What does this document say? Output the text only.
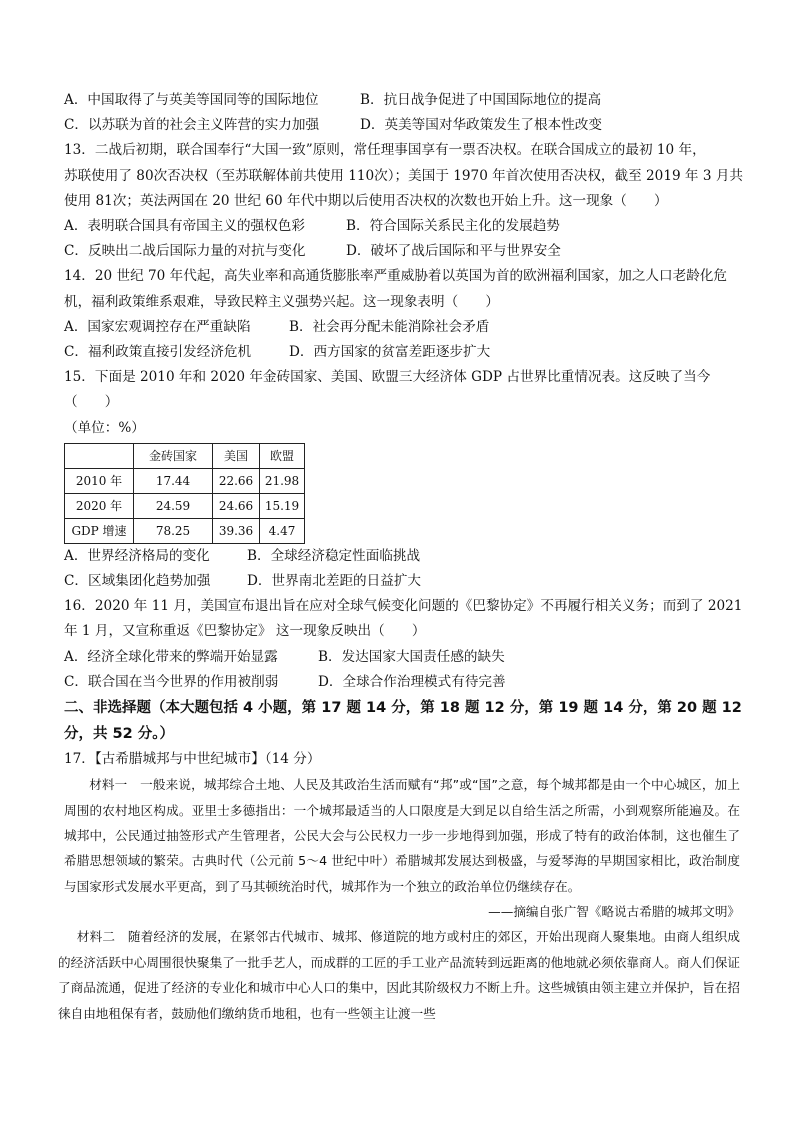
A．中国取得了与英美等国同等的国际地位	B．抗日战争促进了中国国际地位的提高
C．以苏联为首的社会主义阵营的实力加强	D．英美等国对华政策发生了根本性改变
13．二战后初期，联合国奉行“大国一致”原则，常任理事国享有一票否决权。在联合国成立的最初 10 年，
苏联使用了 80次否决权（至苏联解体前共使用 110次）；美国于 1970 年首次使用否决权，截至 2019 年 3 月共
使用 81次；英法两国在 20 世纪 60 年代中期以后使用否决权的次数也开始上升。这一现象（　　）
A．表明联合国具有帝国主义的强权色彩	B．符合国际关系民主化的发展趋势
C．反映出二战后国际力量的对抗与变化	D．破坏了战后国际和平与世界安全
14．20 世纪 70 年代起，高失业率和高通货膨胀率严重威胁着以英国为首的欧洲福利国家，加之人口老龄化危
机，福利政策维系艰难，导致民粹主义强势兴起。这一现象表明（　　）
A．国家宏观调控存在严重缺陷	B．社会再分配未能消除社会矛盾
C．福利政策直接引发经济危机	D．西方国家的贫富差距逐步扩大
15．下面是 2010 年和 2020 年金砖国家、美国、欧盟三大经济体 GDP 占世界比重情况表。这反映了当今
（　　）
（单位：%）
	金砖国家	美国	欧盟
2010 年	17.44	22.66	21.98
2020 年	24.59	24.66	15.19
GDP 增速	78.25	39.36	4.47
A．世界经济格局的变化	B．全球经济稳定性面临挑战
C．区域集团化趋势加强	D．世界南北差距的日益扩大
16．2020 年 11 月，美国宣布退出旨在应对全球气候变化问题的《巴黎协定》不再履行相关义务；而到了 2021
年 1 月，又宣称重返《巴黎协定》 这一现象反映出（　　）
A．经济全球化带来的弊端开始显露	B．发达国家大国责任感的缺失
C．联合国在当今世界的作用被削弱	D．全球合作治理模式有待完善
二、非选择题（本大题包括 4 小题，第 17 题 14 分，第 18 题 12 分，第 19 题 14 分，第 20 题 12
分，共 52 分。）
17．【古希腊城邦与中世纪城市】（14 分）
材料一　一般来说，城邦综合土地、人民及其政治生活而赋有“邦”或“国”之意，每个城邦都是由一个中心城区，加上周围的农村地区构成。亚里士多德指出：一个城邦最适当的人口限度是大到足以自给生活之所需，小到观察所能遍及。在城邦中，公民通过抽签形式产生管理者，公民大会与公民权力一步一步地得到加强，形成了特有的政治体制，这也催生了希腊思想领域的繁荣。古典时代（公元前 5～4 世纪中叶）希腊城邦发展达到极盛，与爱琴海的早期国家相比，政治制度与国家形式发展水平更高，到了马其顿统治时代，城邦作为一个独立的政治单位仍继续存在。
——摘编自张广智《略说古希腊的城邦文明》
材料二　随着经济的发展，在紧邻古代城市、城邦、修道院的地方或村庄的郊区，开始出现商人聚集地。由商人组织成的经济活跃中心周围很快聚集了一批手艺人，而成群的工匠的手工业产品流转到远距离的他地就必须依靠商人。商人们保证了商品流通，促进了经济的专业化和城市中心人口的集中，因此其阶级权力不断上升。这些城镇由领主建立并保护，旨在招徕自由地租保有者，鼓励他们缴纳货币地租，也有一些领主让渡一些
